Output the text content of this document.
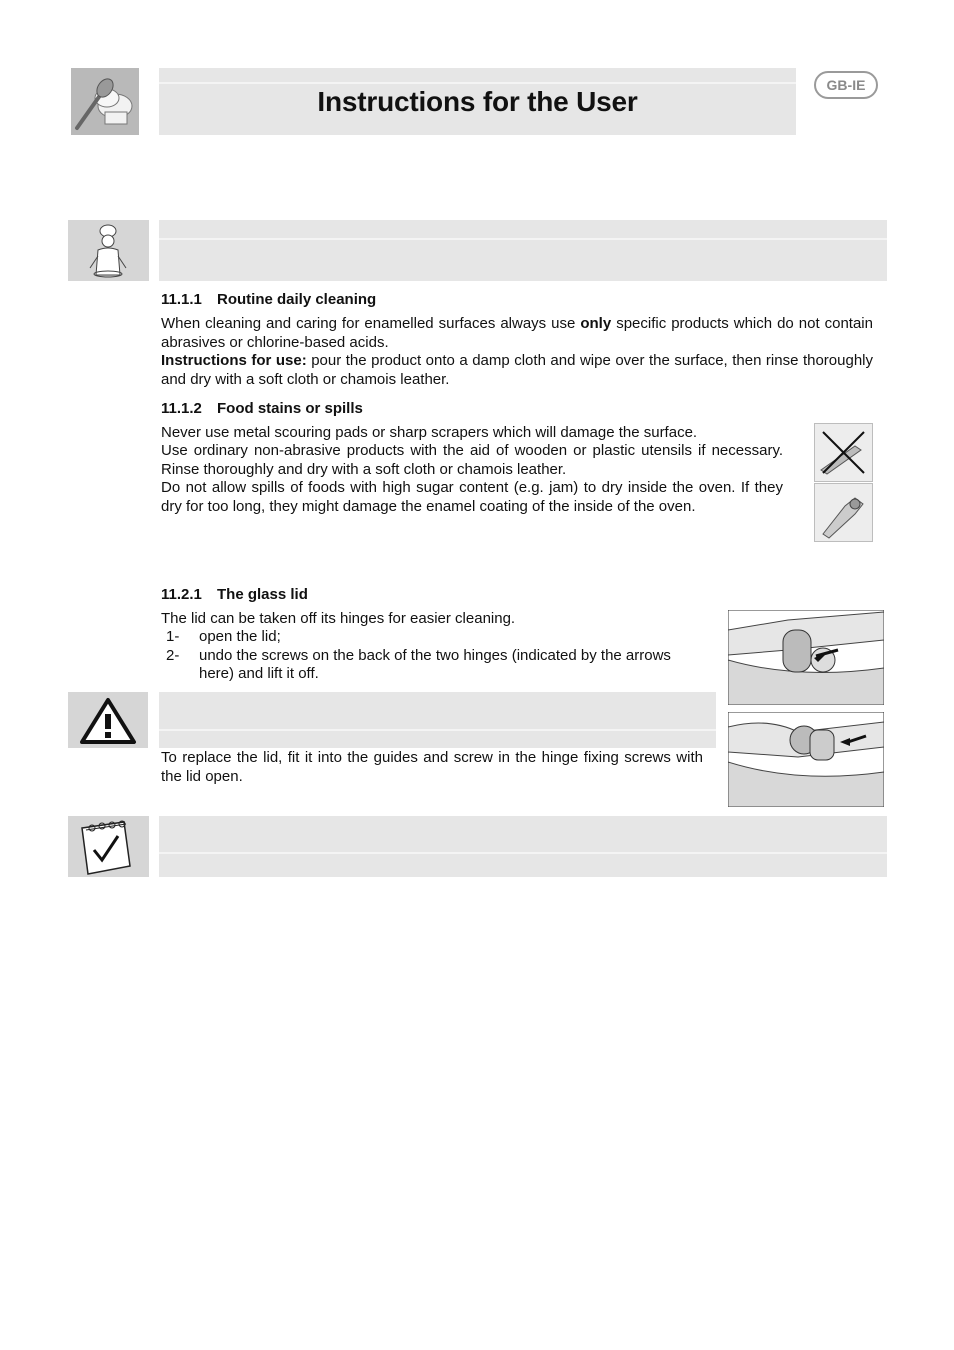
Instructions for the User
GB-IE
11.1.1 Routine daily cleaning

When cleaning and caring for enamelled surfaces always use only specific products which do not contain abrasives or chlorine-based acids.

Instructions for use: pour the product onto a damp cloth and wipe over the surface, then rinse thoroughly and dry with a soft cloth or chamois leather.

11.1.2 Food stains or spills

Never use metal scouring pads or sharp scrapers which will damage the surface.

Use ordinary non-abrasive products with the aid of wooden or plastic utensils if necessary. Rinse thoroughly and dry with a soft cloth or chamois leather.

Do not allow spills of foods with high sugar content (e.g. jam) to dry inside the oven. If they dry for too long, they might damage the enamel coating of the inside of the oven.

11.2.1 The glass lid

The lid can be taken off its hinges for easier cleaning.

1-	open the lid;
2-	undo the screws on the back of the two hinges (indicated by the arrows
here) and lift it off.

To replace the lid, fit it into the guides and screw in the hinge fixing screws with the lid open.
